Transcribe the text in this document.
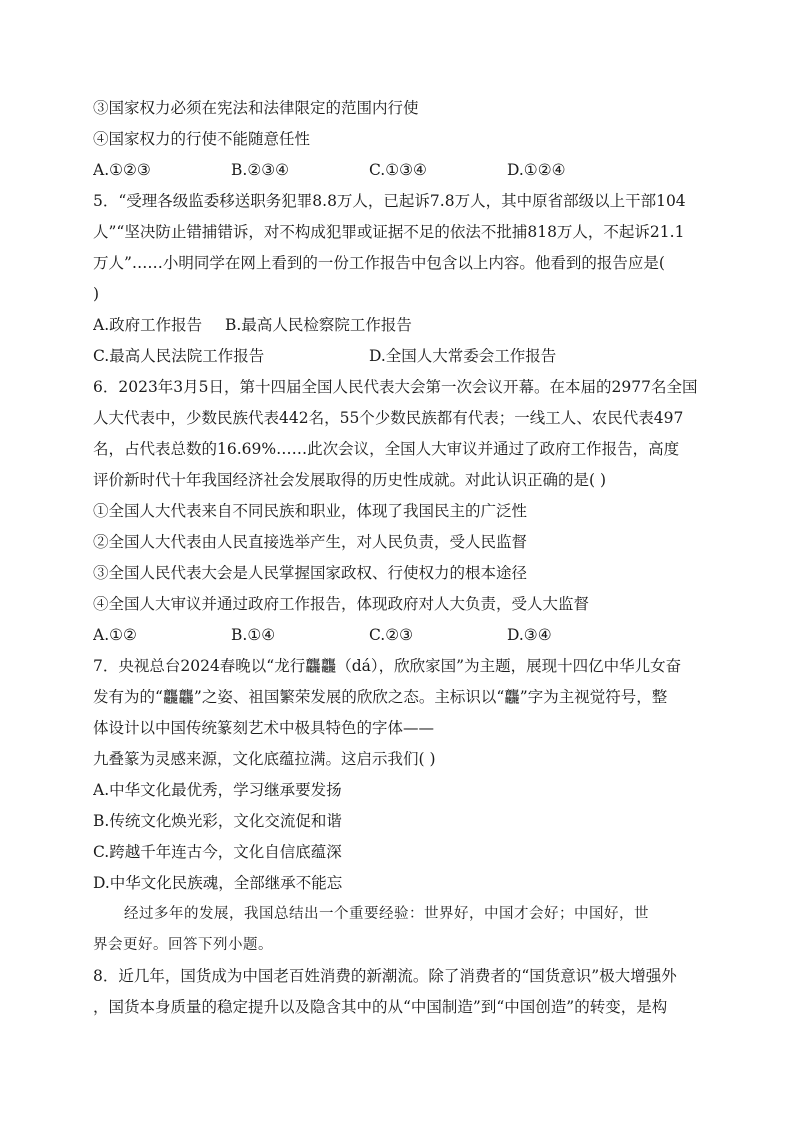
③国家权力必须在宪法和法律限定的范围内行使
④国家权力的行使不能随意任性
A.①②③	B.②③④	C.①③④	D.①②④
5．“受理各级监委移送职务犯罪8.8万人，已起诉7.8万人，其中原省部级以上干部104
人”“坚决防止错捕错诉，对不构成犯罪或证据不足的依法不批捕818万人，不起诉21.1
万人”……小明同学在网上看到的一份工作报告中包含以上内容。他看到的报告应是(
)
A.政府工作报告	B.最高人民检察院工作报告
C.最高人民法院工作报告	D.全国人大常委会工作报告
6．2023年3月5日，第十四届全国人民代表大会第一次会议开幕。在本届的2977名全国
人大代表中，少数民族代表442名，55个少数民族都有代表；一线工人、农民代表497
名，占代表总数的16.69%……此次会议，全国人大审议并通过了政府工作报告，高度
评价新时代十年我国经济社会发展取得的历史性成就。对此认识正确的是( )
①全国人大代表来自不同民族和职业，体现了我国民主的广泛性
②全国人大代表由人民直接选举产生，对人民负责，受人民监督
③全国人民代表大会是人民掌握国家政权、行使权力的根本途径
④全国人大审议并通过政府工作报告，体现政府对人大负责，受人大监督
A.①②	B.①④	C.②③	D.③④
7．央视总台2024春晚以“龙行龘龘（dá），欣欣家国”为主题，展现十四亿中华儿女奋
发有为的“龘龘”之姿、祖国繁荣发展的欣欣之态。主标识以“龘”字为主视觉符号，整
体设计以中国传统篆刻艺术中极具特色的字体——
九叠篆为灵感来源，文化底蕴拉满。这启示我们( )
A.中华文化最优秀，学习继承要发扬
B.传统文化焕光彩，文化交流促和谐
C.跨越千年连古今，文化自信底蕴深
D.中华文化民族魂，全部继承不能忘
经过多年的发展，我国总结出一个重要经验：世界好，中国才会好；中国好，世
界会更好。回答下列小题。
8．近几年，国货成为中国老百姓消费的新潮流。除了消费者的“国货意识”极大增强外
，国货本身质量的稳定提升以及隐含其中的从“中国制造”到“中国创造”的转变，是构
